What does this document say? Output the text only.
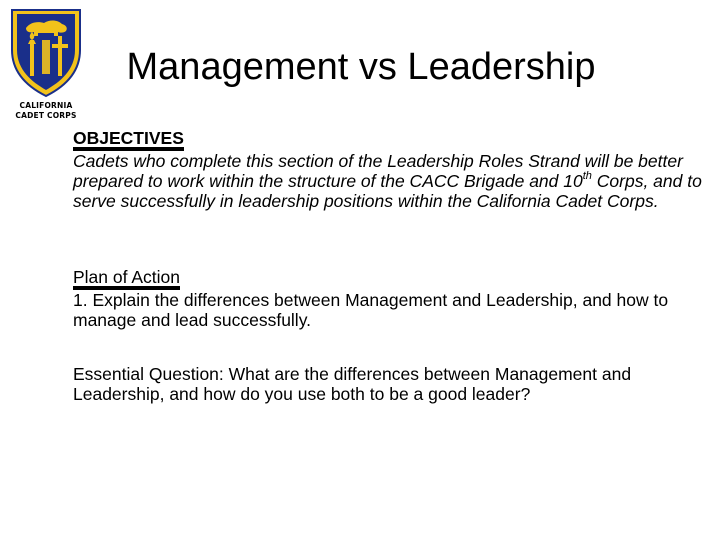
CALIFORNIA
CADET CORPS
Management vs Leadership
OBJECTIVES
Cadets who complete this section of the Leadership Roles Strand will be better prepared to work within the structure of the CACC Brigade and 10th Corps, and to serve successfully in leadership positions within the California Cadet Corps.
Plan of Action
1. Explain the differences between Management and Leadership, and how to manage and lead successfully.
Essential Question: What are the differences between Management and Leadership, and how do you use both to be a good leader?
